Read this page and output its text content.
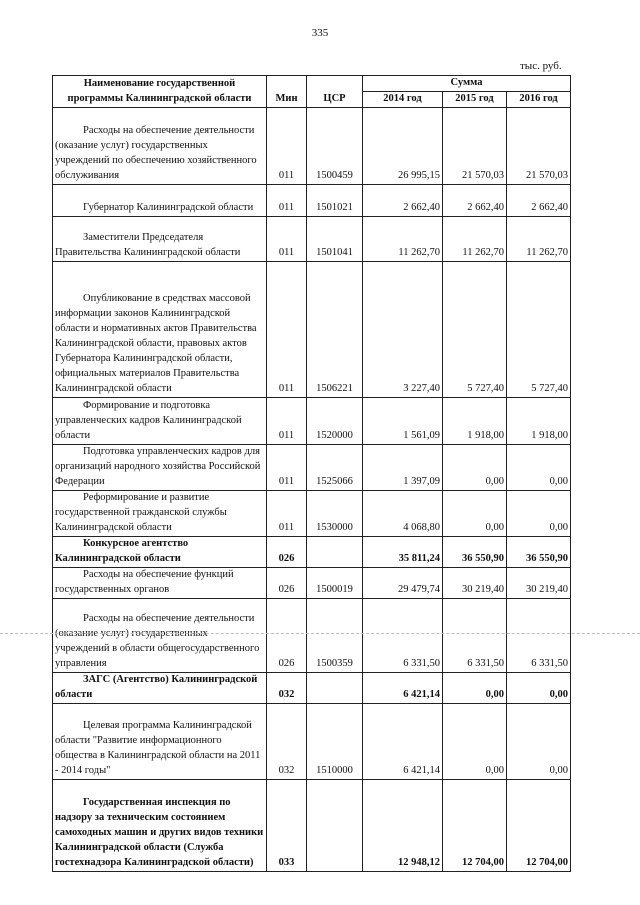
335
тыс. руб.
Наименование государственной программы Калининградской области	Мин	ЦСР	Сумма		
			2014 год	2015 год	2016 год
Расходы на обеспечение деятельности (оказание услуг) государственных учреждений по обеспечению хозяйственного обслуживания	011	1500459	26 995,15	21 570,03	21 570,03
Губернатор Калининградской области	011	1501021	2 662,40	2 662,40	2 662,40
Заместители Председателя Правительства Калининградской области	011	1501041	11 262,70	11 262,70	11 262,70
Опубликование в средствах массовой информации законов Калининградской области и нормативных актов Правительства Калининградской области, правовых актов Губернатора Калининградской области, официальных материалов Правительства Калининградской области	011	1506221	3 227,40	5 727,40	5 727,40
Формирование и подготовка управленческих кадров Калининградской области	011	1520000	1 561,09	1 918,00	1 918,00
Подготовка управленческих кадров для организаций народного хозяйства Российской Федерации	011	1525066	1 397,09	0,00	0,00
Реформирование и развитие государственной гражданской службы Калининградской области	011	1530000	4 068,80	0,00	0,00
Конкурсное агентство Калининградской области	026		35 811,24	36 550,90	36 550,90
Расходы на обеспечение функций государственных органов	026	1500019	29 479,74	30 219,40	30 219,40
Расходы на обеспечение деятельности (оказание услуг) государственных учреждений в области общегосударственного управления	026	1500359	6 331,50	6 331,50	6 331,50
ЗАГС (Агентство) Калининградской области	032		6 421,14	0,00	0,00
Целевая программа Калининградской области "Развитие информационного общества в Калининградской области на 2011 - 2014 годы"	032	1510000	6 421,14	0,00	0,00
Государственная инспекция по надзору за техническим состоянием самоходных машин и других видов техники Калининградской области (Служба гостехнадзора Калининградской области)	033		12 948,12	12 704,00	12 704,00
